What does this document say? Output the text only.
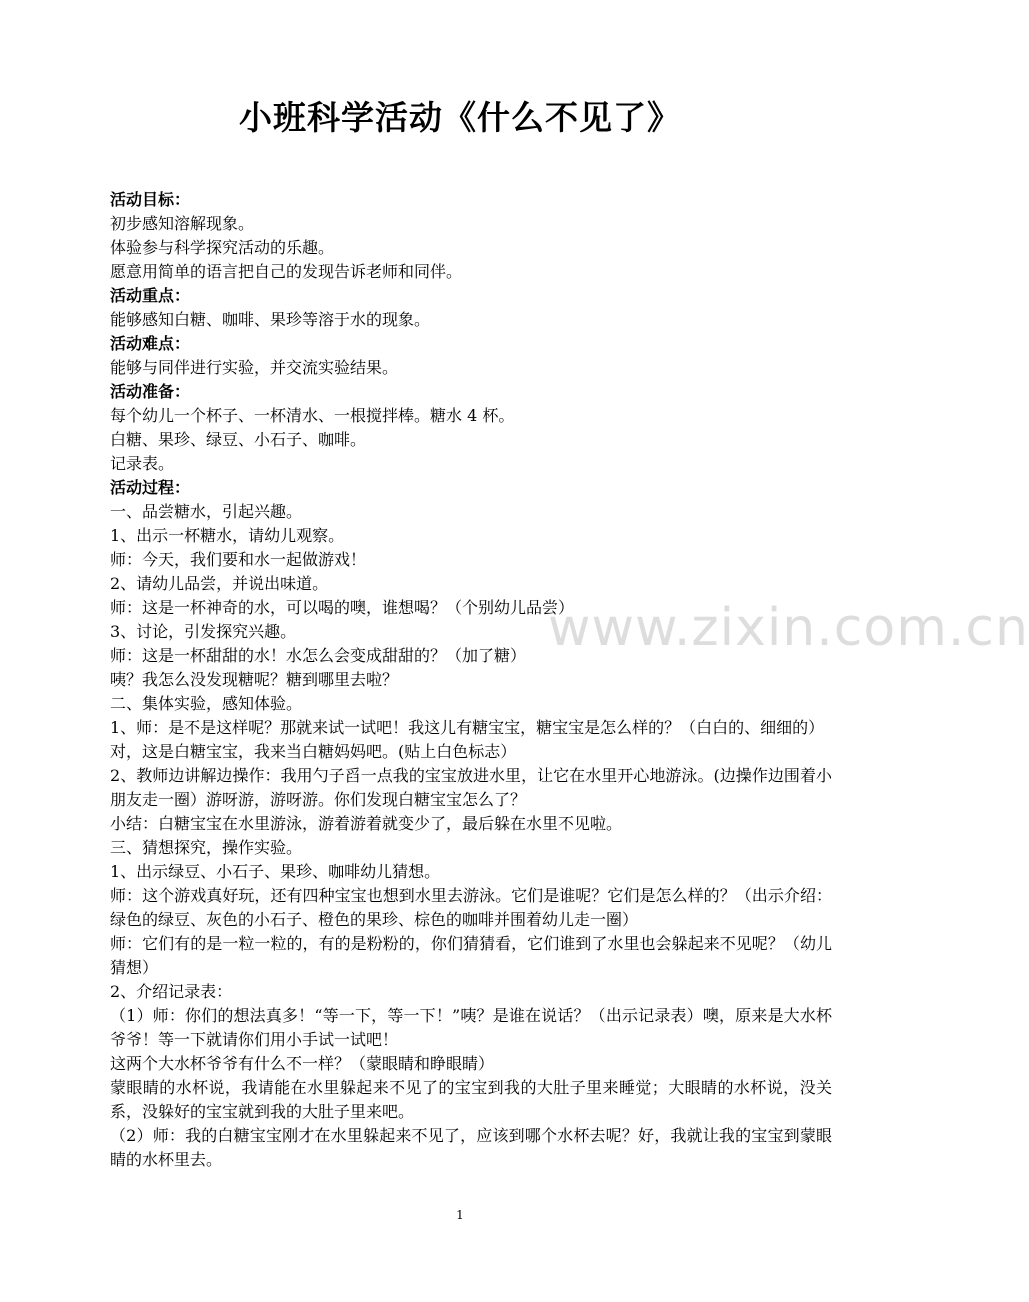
小班科学活动《什么不见了》
www.zixin.com.cn
活动目标：
初步感知溶解现象。
体验参与科学探究活动的乐趣。
愿意用简单的语言把自己的发现告诉老师和同伴。
活动重点：
能够感知白糖、咖啡、果珍等溶于水的现象。
活动难点：
能够与同伴进行实验，并交流实验结果。
活动准备：
每个幼儿一个杯子、一杯清水、一根搅拌棒。糖水 4 杯。
白糖、果珍、绿豆、小石子、咖啡。
记录表。
活动过程：
一、品尝糖水，引起兴趣。
1、出示一杯糖水，请幼儿观察。
师：今天，我们要和水一起做游戏！
2、请幼儿品尝，并说出味道。
师：这是一杯神奇的水，可以喝的噢，谁想喝？（个别幼儿品尝）
3、讨论，引发探究兴趣。
师：这是一杯甜甜的水！水怎么会变成甜甜的？（加了糖）
咦？我怎么没发现糖呢？糖到哪里去啦？
二、集体实验，感知体验。
1、师：是不是这样呢？那就来试一试吧！我这儿有糖宝宝，糖宝宝是怎么样的？（白白的、细细的）
对，这是白糖宝宝，我来当白糖妈妈吧。(贴上白色标志）
2、教师边讲解边操作：我用勺子舀一点我的宝宝放进水里，让它在水里开心地游泳。(边操作边围着小朋友走一圈）游呀游，游呀游。你们发现白糖宝宝怎么了？
小结：白糖宝宝在水里游泳，游着游着就变少了，最后躲在水里不见啦。
三、猜想探究，操作实验。
1、出示绿豆、小石子、果珍、咖啡幼儿猜想。
师：这个游戏真好玩，还有四种宝宝也想到水里去游泳。它们是谁呢？它们是怎么样的？（出示介绍：绿色的绿豆、灰色的小石子、橙色的果珍、棕色的咖啡并围着幼儿走一圈）
师：它们有的是一粒一粒的，有的是粉粉的，你们猜猜看，它们谁到了水里也会躲起来不见呢？（幼儿猜想）
2、介绍记录表：
（1）师：你们的想法真多！“等一下，等一下！”咦？是谁在说话？（出示记录表）噢，原来是大水杯爷爷！等一下就请你们用小手试一试吧！
这两个大水杯爷爷有什么不一样？（蒙眼睛和睁眼睛）
蒙眼睛的水杯说，我请能在水里躲起来不见了的宝宝到我的大肚子里来睡觉；大眼睛的水杯说，没关系，没躲好的宝宝就到我的大肚子里来吧。
（2）师：我的白糖宝宝刚才在水里躲起来不见了，应该到哪个水杯去呢？好，我就让我的宝宝到蒙眼睛的水杯里去。
1
